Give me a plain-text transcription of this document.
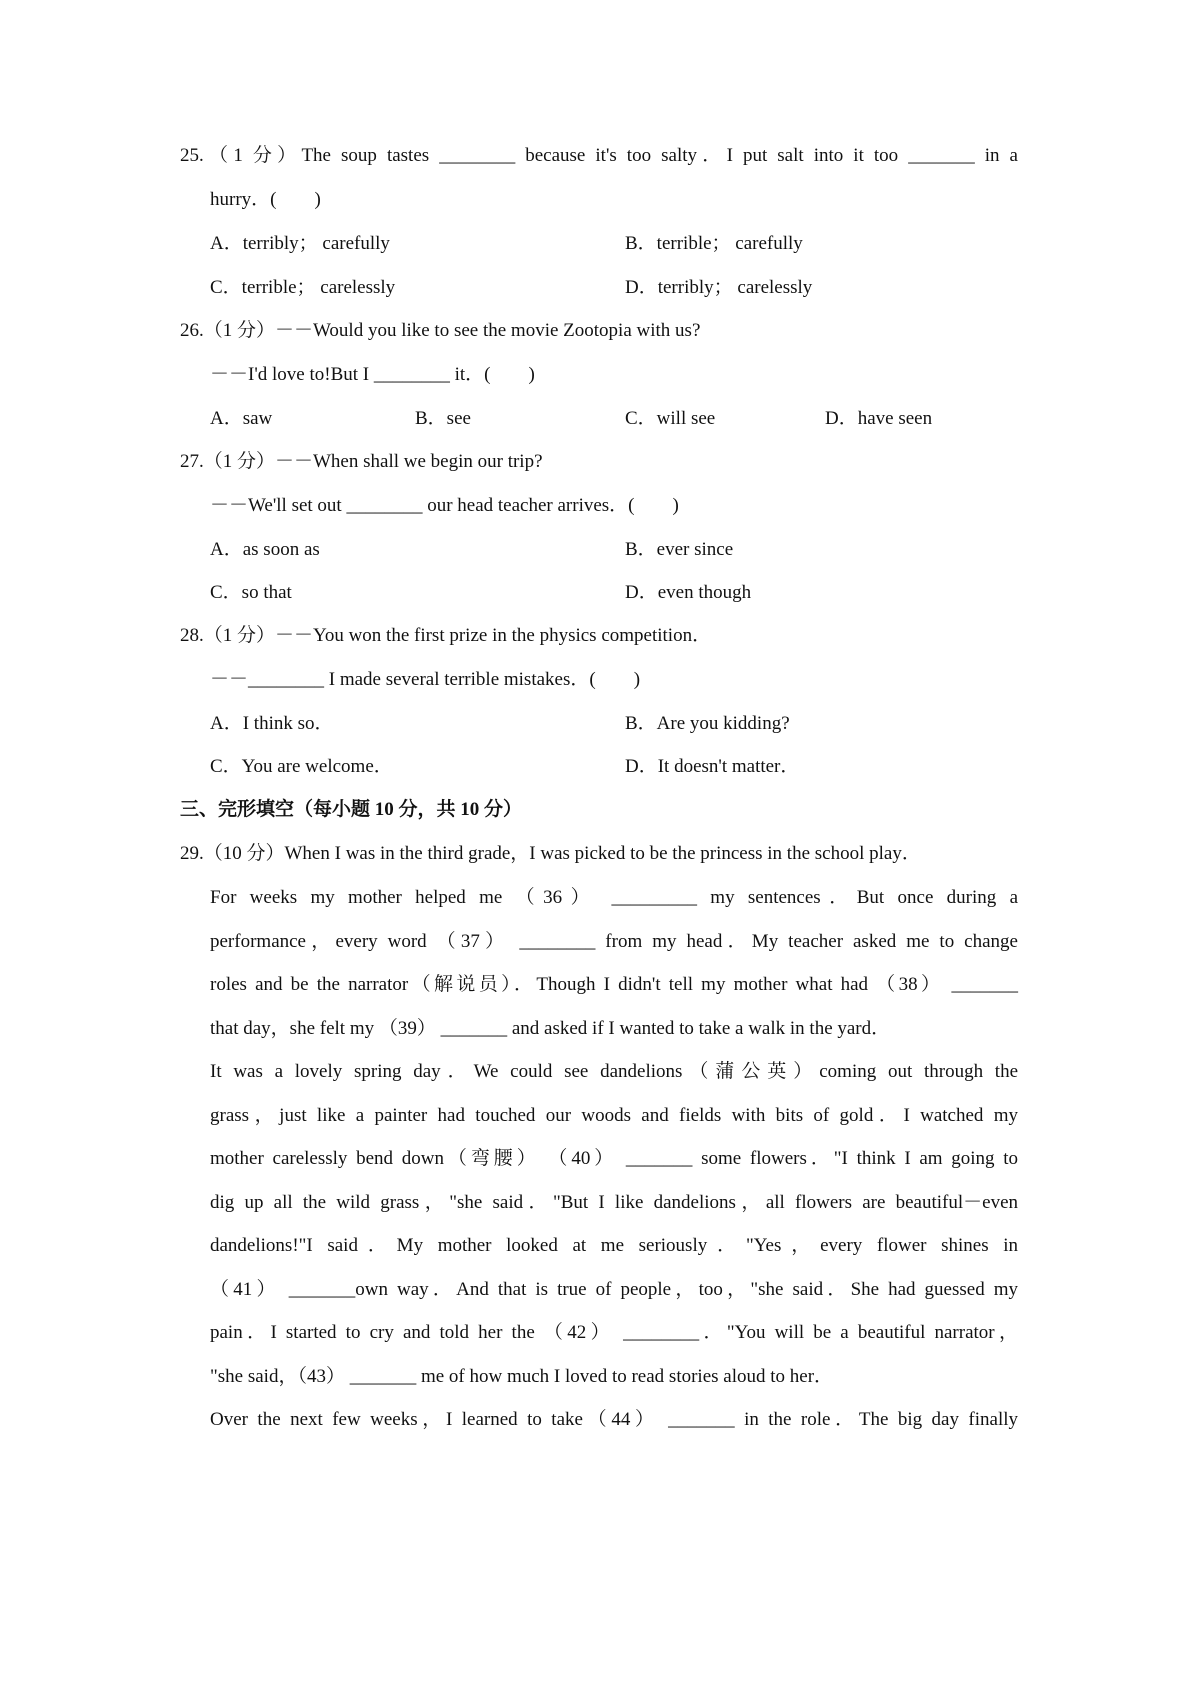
25.（1 分）The soup tastes ________ because it's too salty．I put salt into it too _______ in a
hurry．(　　)
A．terribly； carefully	B．terrible； carefully
C．terrible； carelessly	D．terribly； carelessly
26.（1 分）－－Would you like to see the movie Zootopia with us?
－－I'd love to!But I ________ it．(　　)
A．saw	B．see	C．will see	D．have seen
27.（1 分）－－When shall we begin our trip?
－－We'll set out ________ our head teacher arrives．(　　)
A．as soon as	B．ever since
C．so that	D．even though
28.（1 分）－－You won the first prize in the physics competition．
－－________ I made several terrible mistakes．(　　)
A．I think so．	B．Are you kidding?
C．You are welcome．	D．It doesn't matter．
三、完形填空（每小题 10 分，共 10 分）
29.（10 分）When I was in the third grade，I was picked to be the princess in the school play．
For weeks my mother helped me （36） _________ my sentences．But once during a
performance，every word （37） ________ from my head．My teacher asked me to change
roles and be the narrator（解说员）．Though I didn't tell my mother what had （38） _______
that day，she felt my （39） _______ and asked if I wanted to take a walk in the yard．
It was a lovely spring day．We could see dandelions（蒲公英）coming out through the
grass，just like a painter had touched our woods and fields with bits of gold．I watched my
mother carelessly bend down（弯腰） （40） _______ some flowers．"I think I am going to
dig up all the wild grass，"she said．"But I like dandelions，all flowers are beautiful－even
dandelions!"I said．My mother looked at me seriously．"Yes，every flower shines in
（41） _______own way．And that is true of people，too，"she said．She had guessed my
pain．I started to cry and told her the （42） ________．"You will be a beautiful narrator，
"she said，（43） _______ me of how much I loved to read stories aloud to her．
Over the next few weeks，I learned to take（44） _______ in the role．The big day finally
